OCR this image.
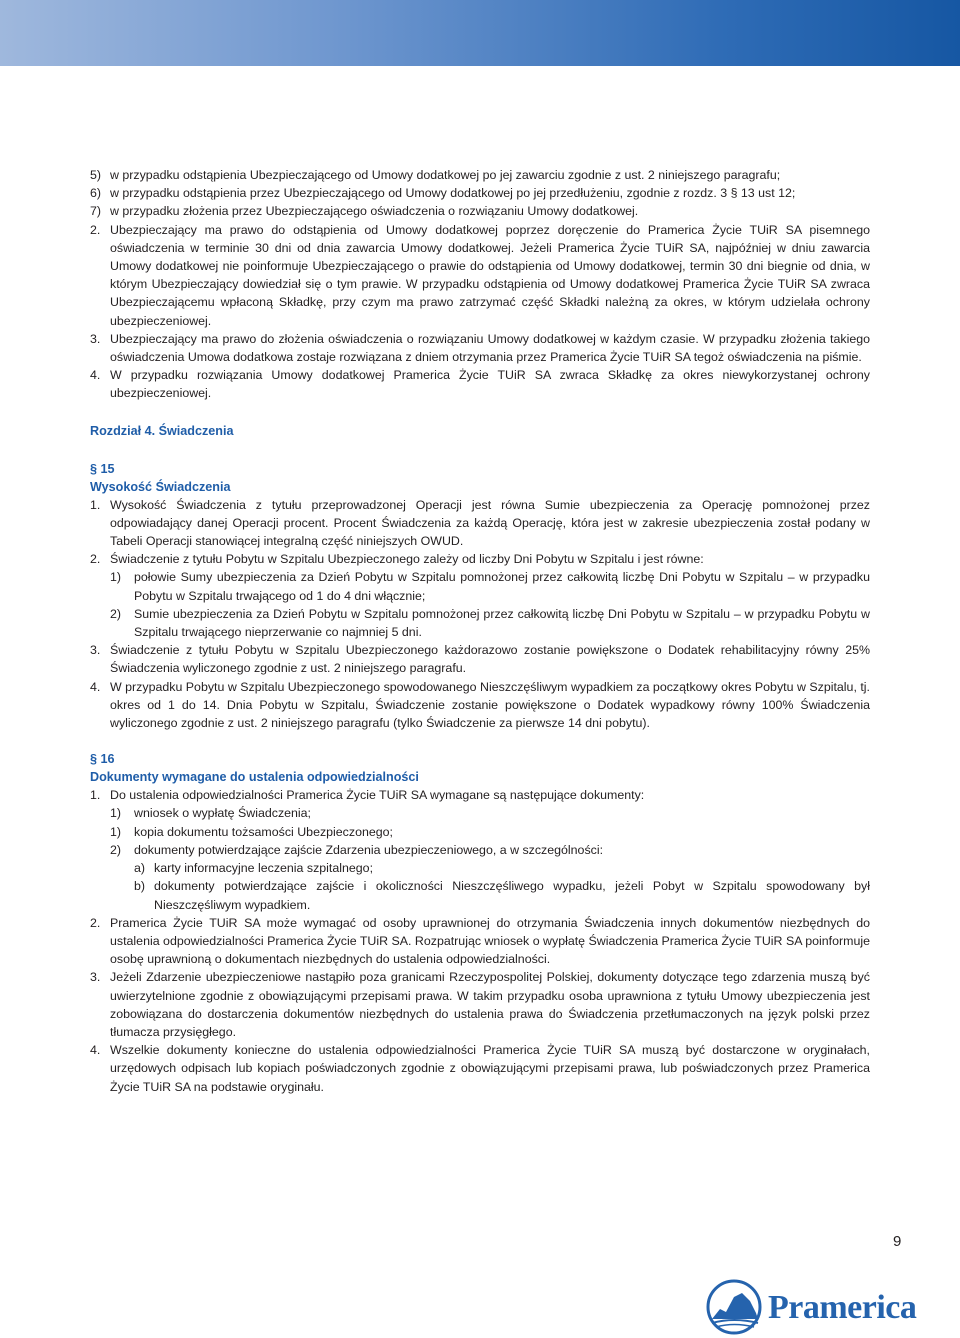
5) w przypadku odstąpienia Ubezpieczającego od Umowy dodatkowej po jej zawarciu zgodnie z ust. 2 niniejszego paragrafu;
6) w przypadku odstąpienia przez Ubezpieczającego od Umowy dodatkowej po jej przedłużeniu, zgodnie z rozdz. 3 § 13 ust 12;
7) w przypadku złożenia przez Ubezpieczającego oświadczenia o rozwiązaniu Umowy dodatkowej.
2. Ubezpieczający ma prawo do odstąpienia od Umowy dodatkowej poprzez doręczenie do Pramerica Życie TUiR SA pisemnego oświadczenia w terminie 30 dni od dnia zawarcia Umowy dodatkowej. Jeżeli Pramerica Życie TUiR SA, najpóźniej w dniu zawarcia Umowy dodatkowej nie poinformuje Ubezpieczającego o prawie do odstąpienia od Umowy dodatkowej, termin 30 dni biegnie od dnia, w którym Ubezpieczający dowiedział się o tym prawie. W przypadku odstąpienia od Umowy dodatkowej Pramerica Życie TUiR SA zwraca Ubezpieczającemu wpłaconą Składkę, przy czym ma prawo zatrzymać część Składki należną za okres, w którym udzielała ochrony ubezpieczeniowej.
3. Ubezpieczający ma prawo do złożenia oświadczenia o rozwiązaniu Umowy dodatkowej w każdym czasie. W przypadku złożenia takiego oświadczenia Umowa dodatkowa zostaje rozwiązana z dniem otrzymania przez Pramerica Życie TUiR SA tegoż oświadczenia na piśmie.
4. W przypadku rozwiązania Umowy dodatkowej Pramerica Życie TUiR SA zwraca Składkę za okres niewykorzystanej ochrony ubezpieczeniowej.
Rozdział 4. Świadczenia
§ 15
Wysokość Świadczenia
1. Wysokość Świadczenia z tytułu przeprowadzonej Operacji jest równa Sumie ubezpieczenia za Operację pomnożonej przez odpowiadający danej Operacji procent. Procent Świadczenia za każdą Operację, która jest w zakresie ubezpieczenia został podany w Tabeli Operacji stanowiącej integralną część niniejszych OWUD.
2. Świadczenie z tytułu Pobytu w Szpitalu Ubezpieczonego zależy od liczby Dni Pobytu w Szpitalu i jest równe:
1)	połowie Sumy ubezpieczenia za Dzień Pobytu w Szpitalu pomnożonej przez całkowitą liczbę Dni Pobytu w Szpitalu – w przypadku Pobytu w Szpitalu trwającego od 1 do 4 dni włącznie;
2)	Sumie ubezpieczenia za Dzień Pobytu w Szpitalu pomnożonej przez całkowitą liczbę Dni Pobytu w Szpitalu – w przypadku Pobytu w Szpitalu trwającego nieprzerwanie co najmniej 5 dni.
3. Świadczenie z tytułu Pobytu w Szpitalu Ubezpieczonego każdorazowo zostanie powiększone o Dodatek rehabilitacyjny równy 25% Świadczenia wyliczonego zgodnie z ust. 2 niniejszego paragrafu.
4. W przypadku Pobytu w Szpitalu Ubezpieczonego spowodowanego Nieszczęśliwym wypadkiem za początkowy okres Pobytu w Szpitalu, tj. okres od 1 do 14. Dnia Pobytu w Szpitalu, Świadczenie zostanie powiększone o Dodatek wypadkowy równy 100% Świadczenia wyliczonego zgodnie z ust. 2 niniejszego paragrafu (tylko Świadczenie za pierwsze 14 dni pobytu).
§ 16
Dokumenty wymagane do ustalenia odpowiedzialności
1. Do ustalenia odpowiedzialności Pramerica Życie TUiR SA wymagane są następujące dokumenty:
1)	wniosek o wypłatę Świadczenia;
1)	kopia dokumentu tożsamości Ubezpieczonego;
2)	dokumenty potwierdzające zajście Zdarzenia ubezpieczeniowego, a w szczególności:
a) karty informacyjne leczenia szpitalnego;
b) dokumenty potwierdzające zajście i okoliczności Nieszczęśliwego wypadku, jeżeli Pobyt w Szpitalu spowodowany był Nieszczęśliwym wypadkiem.
2. Pramerica Życie TUiR SA może wymagać od osoby uprawnionej do otrzymania Świadczenia innych dokumentów niezbędnych do ustalenia odpowiedzialności Pramerica Życie TUiR SA. Rozpatrując wniosek o wypłatę Świadczenia Pramerica Życie TUiR SA poinformuje osobę uprawnioną o dokumentach niezbędnych do ustalenia odpowiedzialności.
3. Jeżeli Zdarzenie ubezpieczeniowe nastąpiło poza granicami Rzeczypospolitej Polskiej, dokumenty dotyczące tego zdarzenia muszą być uwierzytelnione zgodnie z obowiązującymi przepisami prawa. W takim przypadku osoba uprawniona z tytułu Umowy ubezpieczenia jest zobowiązana do dostarczenia dokumentów niezbędnych do ustalenia prawa do Świadczenia przetłumaczonych na język polski przez tłumacza przysięgłego.
4. Wszelkie dokumenty konieczne do ustalenia odpowiedzialności Pramerica Życie TUiR SA muszą być dostarczone w oryginałach, urzędowych odpisach lub kopiach poświadczonych zgodnie z obowiązującymi przepisami prawa, lub poświadczonych przez Pramerica Życie TUiR SA na podstawie oryginału.
9
Pramerica
